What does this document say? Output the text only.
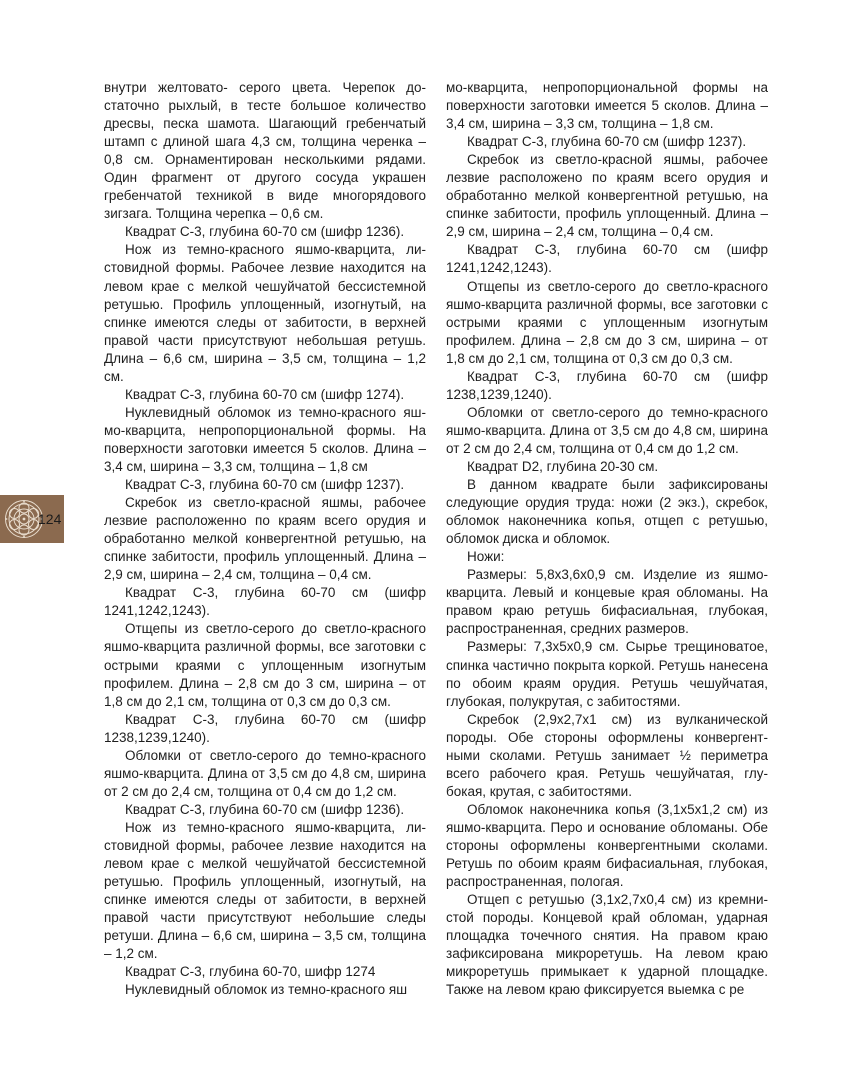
внутри желтовато- серого цвета. Черепок достаточно рыхлый, в тесте большое количество дресвы, песка шамота. Шагающий гребенчатый штамп с длиной шага 4,3 см, толщина черенка – 0,8 см. Орнаментирован несколькими рядами. Один фрагмент от другого сосуда украшен гребенчатой техникой в виде многорядового зигзага. Толщина черепка – 0,6 см.

Квадрат С-3, глубина 60-70 см (шифр 1236).

Нож из темно-красного яшмо-кварцита, листовидной формы. Рабочее лезвие находится на левом крае с мелкой чешуйчатой бессистемной ретушью. Профиль уплощенный, изогнутый, на спинке имеются следы от забитости, в верхней правой части присутствуют небольшая ретушь. Длина – 6,6 см, ширина – 3,5 см, толщина – 1,2 см.

Квадрат С-3, глубина 60-70 см (шифр 1274).

Нуклевидный обломок из темно-красного яшмо-кварцита, непропорциональной формы. На поверхности заготовки имеется 5 сколов. Длина – 3,4 см, ширина – 3,3 см, толщина – 1,8 см

Квадрат С-3, глубина 60-70 см (шифр 1237).

Скребок из светло-красной яшмы, рабочее лезвие расположенно по краям всего орудия и обработанно мелкой конвергентной ретушью, на спинке забитости, профиль уплощенный. Длина – 2,9 см, ширина – 2,4 см, толщина – 0,4 см.

Квадрат С-3, глубина 60-70 см (шифр 1241,1242,1243).

Отщепы из светло-серого до светло-красного яшмо-кварцита различной формы, все заготовки с острыми краями с уплощенным изогнутым профилем. Длина – 2,8 см до 3 см, ширина – от 1,8 см до 2,1 см, толщина от 0,3 см до 0,3 см.

Квадрат С-3, глубина 60-70 см (шифр 1238,1239,1240).

Обломки от светло-серого до темно-красного яшмо-кварцита. Длина от 3,5 см до 4,8 см, ширина от 2 см до 2,4 см, толщина от 0,4 см до 1,2 см.

Квадрат С-3, глубина 60-70 см (шифр 1236).

Нож из темно-красного яшмо-кварцита, листовидной формы, рабочее лезвие находится на левом крае с мелкой чешуйчатой бессистемной ретушью. Профиль уплощенный, изогнутый, на спинке имеются следы от забитости, в верхней правой части присутствуют небольшие следы ретуши. Длина – 6,6 см, ширина – 3,5 см, толщина – 1,2 см.

Квадрат С-3, глубина 60-70, шифр 1274

Нуклевидный обломок из темно-красного яш

мо-кварцита, непропорциональной формы на поверхности заготовки имеется 5 сколов. Длина – 3,4 см, ширина – 3,3 см, толщина – 1,8 см.

Квадрат С-3, глубина 60-70 см (шифр 1237).

Скребок из светло-красной яшмы, рабочее лезвие расположено по краям всего орудия и обработанно мелкой конвергентной ретушью, на спинке забитости, профиль уплощенный. Длина – 2,9 см, ширина – 2,4 см, толщина – 0,4 см.

Квадрат С-3, глубина 60-70 см (шифр 1241,1242,1243).

Отщепы из светло-серого до светло-красного яшмо-кварцита различной формы, все заготовки с острыми краями с уплощенным изогнутым профилем. Длина – 2,8 см до 3 см, ширина – от 1,8 см до 2,1 см, толщина от 0,3 см до 0,3 см.

Квадрат С-3, глубина 60-70 см (шифр 1238,1239,1240).

Обломки от светло-серого до темно-красного яшмо-кварцита. Длина от 3,5 см до 4,8 см, ширина от 2 см до 2,4 см, толщина от 0,4 см до 1,2 см.

Квадрат D2, глубина 20-30 см.

В данном квадрате были зафиксированы следующие орудия труда: ножи (2 экз.), скребок, обломок наконечника копья, отщеп с ретушью, обломок диска и обломок.

Ножи:

Размеры: 5,8х3,6х0,9 см. Изделие из яшмо-кварцита. Левый и концевые края обломаны. На правом краю ретушь бифасиальная, глубокая, распространенная, средних размеров.

Размеры: 7,3х5х0,9 см. Сырье трещиноватое, спинка частично покрыта коркой. Ретушь нанесена по обоим краям орудия. Ретушь чешуйчатая, глубокая, полукрутая, с забитостями.

Скребок (2,9х2,7х1 см) из вулканической породы. Обе стороны оформлены конвергентными сколами. Ретушь занимает ½ периметра всего рабочего края. Ретушь чешуйчатая, глубокая, крутая, с забитостями.

Обломок наконечника копья (3,1х5х1,2 см) из яшмо-кварцита. Перо и основание обломаны. Обе стороны оформлены конвергентными сколами. Ретушь по обоим краям бифасиальная, глубокая, распространенная, пологая.

Отщеп с ретушью (3,1х2,7х0,4 см) из кремнистой породы. Концевой край обломан, ударная площадка точечного снятия. На правом краю зафиксирована микроретушь. На левом краю микроретушь примыкает к ударной площадке. Также на левом краю фиксируется выемка с ре

124
